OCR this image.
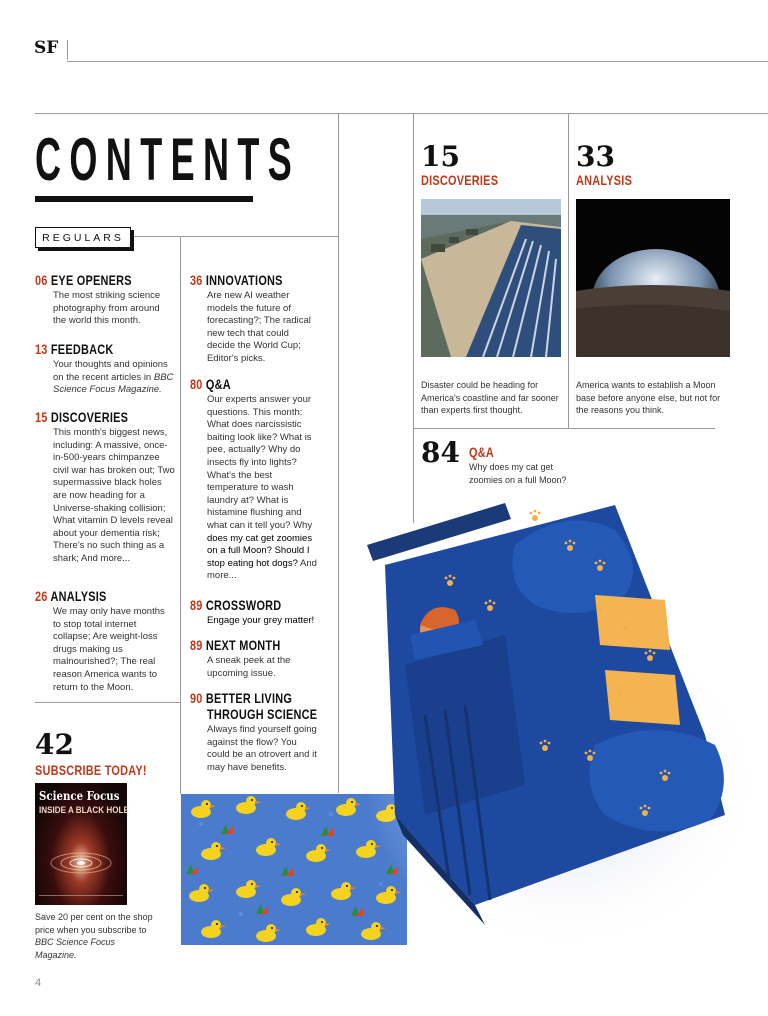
SF
CONTENTS
REGULARS
06 EYE OPENERS
The most striking science photography from around the world this month.
13 FEEDBACK
Your thoughts and opinions on the recent articles in BBC Science Focus Magazine.
15 DISCOVERIES
This month's biggest news, including: A massive, once-in-500-years chimpanzee civil war has broken out; Two supermassive black holes are now heading for a Universe-shaking collision; What vitamin D levels reveal about your dementia risk; There's no such thing as a shark; And more...
26 ANALYSIS
We may only have months to stop total internet collapse; Are weight-loss drugs making us malnourished?; The real reason America wants to return to the Moon.
36 INNOVATIONS
Are new AI weather models the future of forecasting?; The radical new tech that could decide the World Cup; Editor's picks.
80 Q&A
Our experts answer your questions. This month: What does narcissistic baiting look like? What is pee, actually? Why do insects fly into lights? What's the best temperature to wash laundry at? What is histamine flushing and what can it tell you? Why does my cat get zoomies on a full Moon? Should I stop eating hot dogs? And more...
89 CROSSWORD
Engage your grey matter!
89 NEXT MONTH
A sneak peek at the upcoming issue.
90 BETTER LIVING
THROUGH SCIENCE
Always find yourself going against the flow? You could be an otrovert and it may have benefits.
42
SUBSCRIBE TODAY!
Science Focus
INSIDE A BLACK HOLE
Save 20 per cent on the shop price when you subscribe to BBC Science Focus Magazine.
15
DISCOVERIES
Disaster could be heading for America's coastline and far sooner than experts first thought.
33
ANALYSIS
America wants to establish a Moon base before anyone else, but not for the reasons you think.
84 Q&A
Why does my cat get zoomies on a full Moon?
4
